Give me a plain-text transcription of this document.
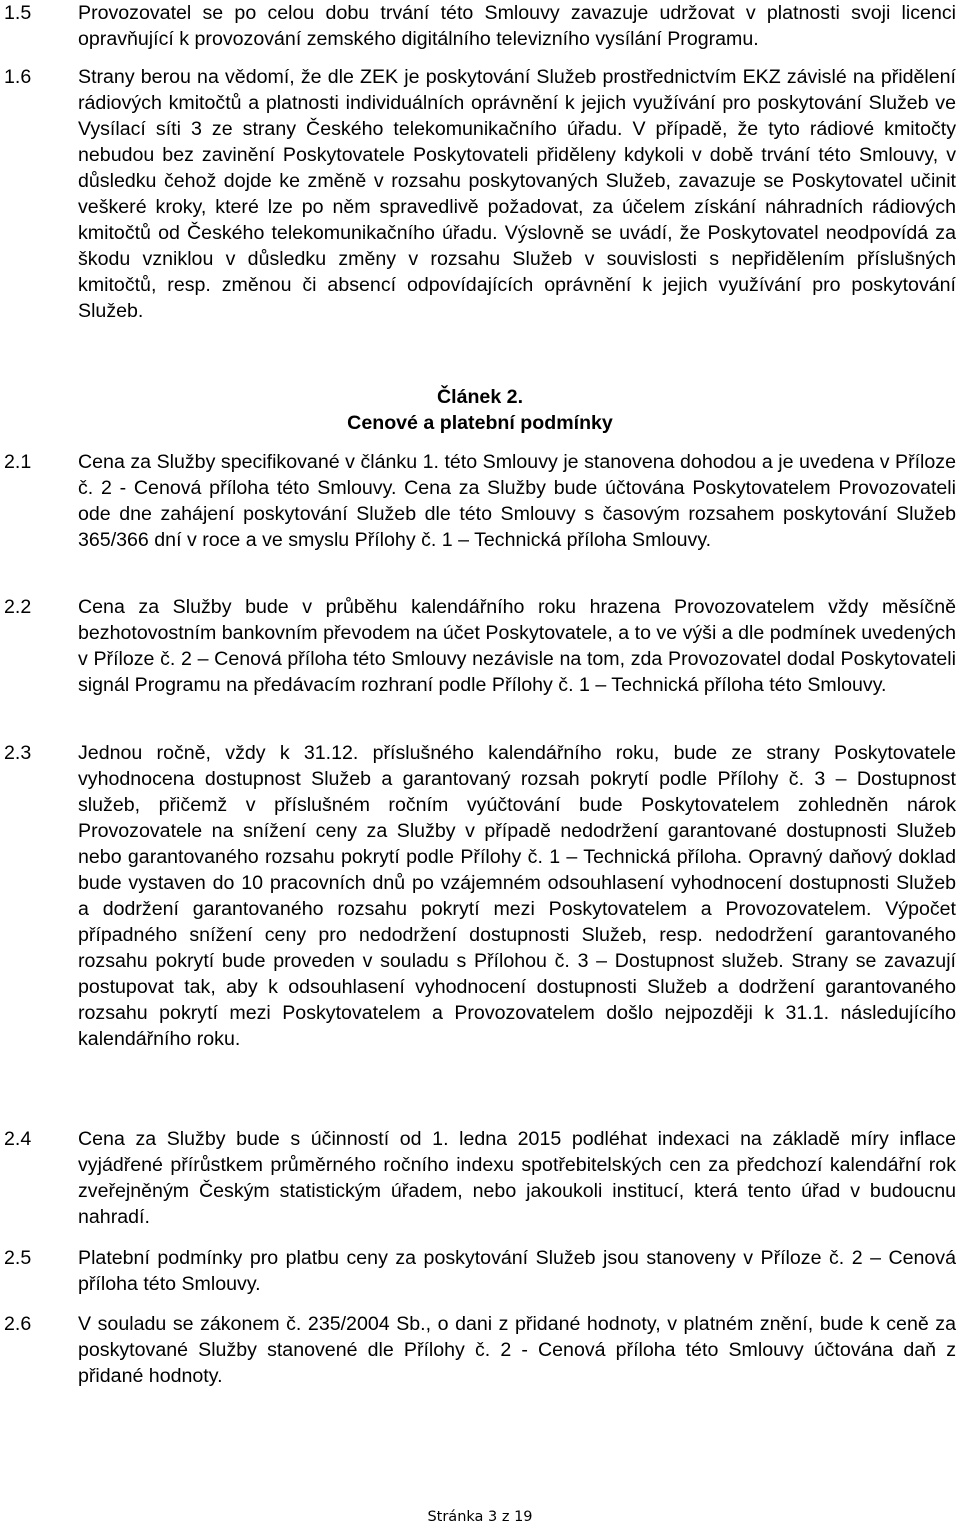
1.5	Provozovatel se po celou dobu trvání této Smlouvy zavazuje udržovat v platnosti svoji licenci opravňující k provozování zemského digitálního televizního vysílání Programu.
1.6	Strany berou na vědomí, že dle ZEK je poskytování Služeb prostřednictvím EKZ závislé na přidělení rádiových kmitočtů a platnosti individuálních oprávnění k jejich využívání pro poskytování Služeb ve Vysílací síti 3 ze strany Českého telekomunikačního úřadu. V případě, že tyto rádiové kmitočty nebudou bez zavinění Poskytovatele Poskytovateli přiděleny kdykoli v době trvání této Smlouvy, v důsledku čehož dojde ke změně v rozsahu poskytovaných Služeb, zavazuje se Poskytovatel učinit veškeré kroky, které lze po něm spravedlivě požadovat, za účelem získání náhradních rádiových kmitočtů od Českého telekomunikačního úřadu. Výslovně se uvádí, že Poskytovatel neodpovídá za škodu vzniklou v důsledku změny v rozsahu Služeb v souvislosti s nepřidělením příslušných kmitočtů, resp. změnou či absencí odpovídajících oprávnění k jejich využívání pro poskytování Služeb.
Článek 2.
Cenové a platební podmínky
2.1	Cena za Služby specifikované v článku 1. této Smlouvy je stanovena dohodou a je uvedena v Příloze č. 2 - Cenová příloha této Smlouvy. Cena za Služby bude účtována Poskytovatelem Provozovateli ode dne zahájení poskytování Služeb dle této Smlouvy s časovým rozsahem poskytování Služeb 365/366 dní v roce a ve smyslu Přílohy č. 1 – Technická příloha Smlouvy.
2.2	Cena za Služby bude v průběhu kalendářního roku hrazena Provozovatelem vždy měsíčně bezhotovostním bankovním převodem na účet Poskytovatele, a to ve výši a dle podmínek uvedených v Příloze č. 2 – Cenová příloha této Smlouvy nezávisle na tom, zda Provozovatel dodal Poskytovateli signál Programu na předávacím rozhraní podle Přílohy č. 1 – Technická příloha této Smlouvy.
2.3	Jednou ročně, vždy k 31.12. příslušného kalendářního roku, bude ze strany Poskytovatele vyhodnocena dostupnost Služeb a garantovaný rozsah pokrytí podle Přílohy č. 3 – Dostupnost služeb, přičemž v příslušném ročním vyúčtování bude Poskytovatelem zohledněn nárok Provozovatele na snížení ceny za Služby v případě nedodržení garantované dostupnosti Služeb nebo garantovaného rozsahu pokrytí podle Přílohy č. 1 – Technická příloha. Opravný daňový doklad bude vystaven do 10 pracovních dnů po vzájemném odsouhlasení vyhodnocení dostupnosti Služeb a dodržení garantovaného rozsahu pokrytí mezi Poskytovatelem a Provozovatelem. Výpočet případného snížení ceny pro nedodržení dostupnosti Služeb, resp. nedodržení garantovaného rozsahu pokrytí bude proveden v souladu s Přílohou č. 3 – Dostupnost služeb. Strany se zavazují postupovat tak, aby k odsouhlasení vyhodnocení dostupnosti Služeb a dodržení garantovaného rozsahu pokrytí mezi Poskytovatelem a Provozovatelem došlo nejpozději k 31.1. následujícího kalendářního roku.
2.4	Cena za Služby bude s účinností od 1. ledna 2015 podléhat indexaci na základě míry inflace vyjádřené přírůstkem průměrného ročního indexu spotřebitelských cen za předchozí kalendářní rok zveřejněným Českým statistickým úřadem, nebo jakoukoli institucí, která tento úřad v budoucnu nahradí.
2.5	Platební podmínky pro platbu ceny za poskytování Služeb jsou stanoveny v Příloze č. 2 – Cenová příloha této Smlouvy.
2.6	V souladu se zákonem č. 235/2004 Sb., o dani z přidané hodnoty, v platném znění, bude k ceně za poskytované Služby stanovené dle Přílohy č. 2 - Cenová příloha této Smlouvy účtována daň z přidané hodnoty.
Stránka 3 z 19
